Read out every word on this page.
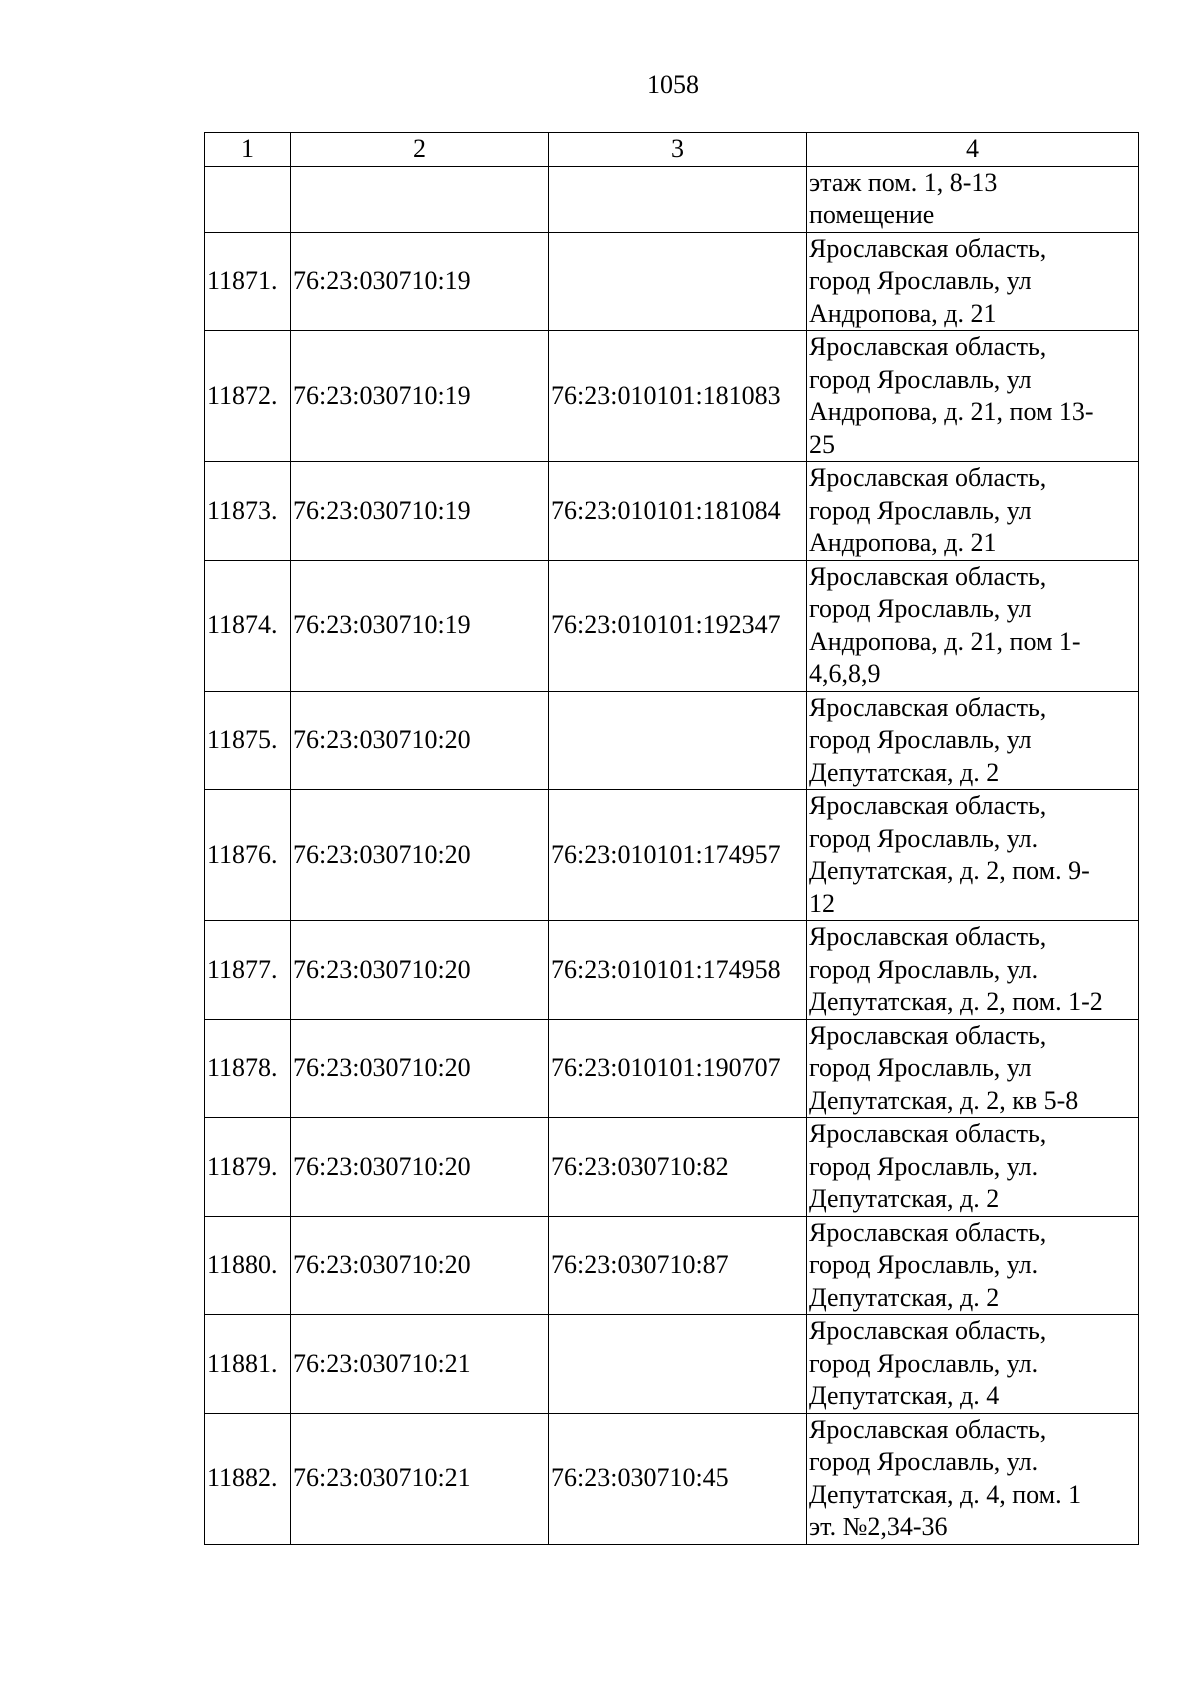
1058
1	2	3	4
			этаж пом. 1, 8-13
помещение
11871.	76:23:030710:19		Ярославская область,
город Ярославль, ул
Андропова, д. 21
11872.	76:23:030710:19	76:23:010101:181083	Ярославская область,
город Ярославль, ул
Андропова, д. 21, пом 13-
25
11873.	76:23:030710:19	76:23:010101:181084	Ярославская область,
город Ярославль, ул
Андропова, д. 21
11874.	76:23:030710:19	76:23:010101:192347	Ярославская область,
город Ярославль, ул
Андропова, д. 21, пом 1-
4,6,8,9
11875.	76:23:030710:20		Ярославская область,
город Ярославль, ул
Депутатская, д. 2
11876.	76:23:030710:20	76:23:010101:174957	Ярославская область,
город Ярославль, ул.
Депутатская, д. 2, пом. 9-
12
11877.	76:23:030710:20	76:23:010101:174958	Ярославская область,
город Ярославль, ул.
Депутатская, д. 2, пом. 1-2
11878.	76:23:030710:20	76:23:010101:190707	Ярославская область,
город Ярославль, ул
Депутатская, д. 2, кв 5-8
11879.	76:23:030710:20	76:23:030710:82	Ярославская область,
город Ярославль, ул.
Депутатская, д. 2
11880.	76:23:030710:20	76:23:030710:87	Ярославская область,
город Ярославль, ул.
Депутатская, д. 2
11881.	76:23:030710:21		Ярославская область,
город Ярославль, ул.
Депутатская, д. 4
11882.	76:23:030710:21	76:23:030710:45	Ярославская область,
город Ярославль, ул.
Депутатская, д. 4, пом. 1
эт. №2,34-36
